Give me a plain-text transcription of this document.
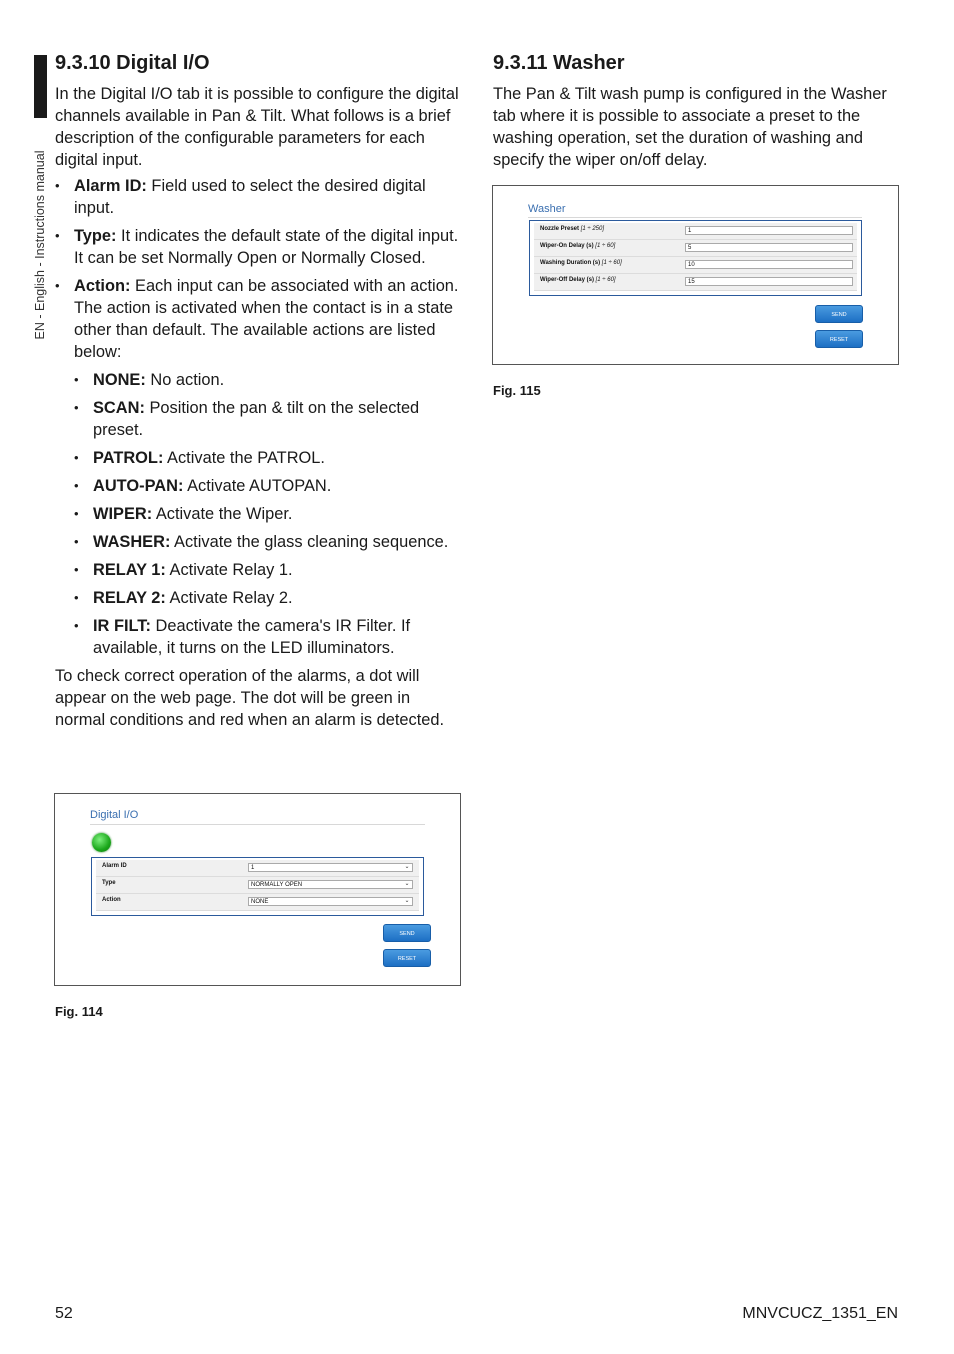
EN - English - Instructions manual
9.3.10 Digital I/O

In the Digital I/O tab it is possible to configure the digital channels available in Pan & Tilt. What follows is a brief description of the configurable parameters for each digital input.

• Alarm ID: Field used to select the desired digital input.
• Type: It indicates the default state of the digital input. It can be set Normally Open or Normally Closed.
• Action: Each input can be associated with an action. The action is activated when the contact is in a state other than default. The available actions are listed below:
• NONE: No action.
• SCAN: Position the pan & tilt on the selected preset.
• PATROL: Activate the PATROL.
• AUTO-PAN: Activate AUTOPAN.
• WIPER: Activate the Wiper.
• WASHER: Activate the glass cleaning sequence.
• RELAY 1: Activate Relay 1.
• RELAY 2: Activate Relay 2.
• IR FILT: Deactivate the camera's IR Filter. If available, it turns on the LED illuminators.

To check correct operation of the alarms, a dot will appear on the web page. The dot will be green in normal conditions and red when an alarm is detected.

Digital I/O
Alarm ID	1	⌄
Type	NORMALLY OPEN	⌄
Action	NONE	⌄
SEND
RESET
Fig. 114
9.3.11 Washer

The Pan & Tilt wash pump is configured in the Washer tab where it is possible to associate a preset to the washing operation, set the duration of washing and specify the wiper on/off delay.

Washer
Nozzle Preset [1 ÷ 250]	1
Wiper-On Delay (s) [1 ÷ 60]	5
Washing Duration (s) [1 ÷ 60]	10
Wiper-Off Delay (s) [1 ÷ 60]	15
SEND
RESET
Fig. 115
52	MNVCUCZ_1351_EN
